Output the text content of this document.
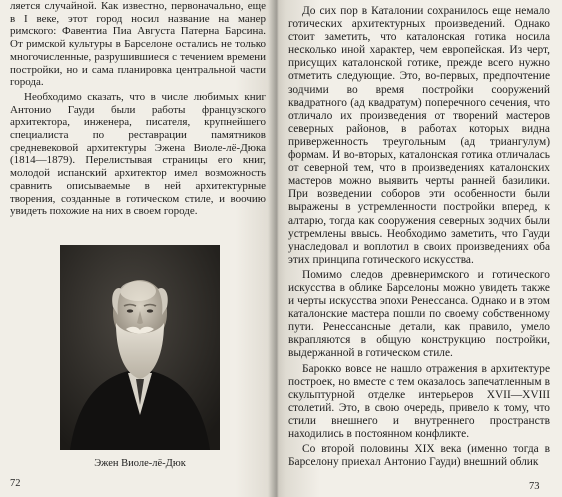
ляется случайной. Как известно, первоначально, еще в I веке, этот город носил название на манер римского: Фавентиа Пиа Августа Патерна Барсина. От римской культуры в Барселоне остались не только многочисленные, разрушившиеся с течением времени постройки, но и сама планировка центральной части города.

Необходимо сказать, что в числе любимых книг Антонио Гауди были работы французского архитектора, инженера, писателя, крупнейшего специалиста по реставрации памятников средневековой архитектуры Эжена Виоле-лё-Дюка (1814—1879). Перелистывая страницы его книг, молодой испанский архитектор имел возможность сравнить описываемые в ней архитектурные творения, созданные в готическом стиле, и воочию увидеть похожие на них в своем городе.

Эжен Виоле-лё-Дюк
72	73

До сих пор в Каталонии сохранилось еще немало готических архитектурных произведений. Однако стоит заметить, что каталонская готика носила несколько иной характер, чем европейская. Из черт, присущих каталонской готике, прежде всего нужно отметить следующие. Это, во-первых, предпочтение зодчими во время постройки сооружений квадратного (ад квадратум) поперечного сечения, что отличало их произведения от творений мастеров северных районов, в работах которых видна приверженность треугольным (ад триангулум) формам. И во-вторых, каталонская готика отличалась от северной тем, что в произведениях каталонских мастеров можно выявить черты ранней базилики. При возведении соборов эти особенности были выражены в устремленности постройки вперед, к алтарю, тогда как сооружения северных зодчих были устремлены ввысь. Необходимо заметить, что Гауди унаследовал и воплотил в своих произведениях оба этих принципа готического искусства.

Помимо следов древнеримского и готического искусства в облике Барселоны можно увидеть также и черты искусства эпохи Ренессанса. Однако и в этом каталонские мастера пошли по своему собственному пути. Ренессансные детали, как правило, умело вкрапляются в общую конструкцию постройки, выдержанной в готическом стиле.

Барокко вовсе не нашло отражения в архитектуре построек, но вместе с тем оказалось запечатленным в скульптурной отделке интерьеров XVII—XVIII столетий. Это, в свою очередь, привело к тому, что стили внешнего и внутреннего пространств находились в постоянном конфликте.

Со второй половины XIX века (именно тогда в Барселону приехал Антонио Гауди) внешний облик
